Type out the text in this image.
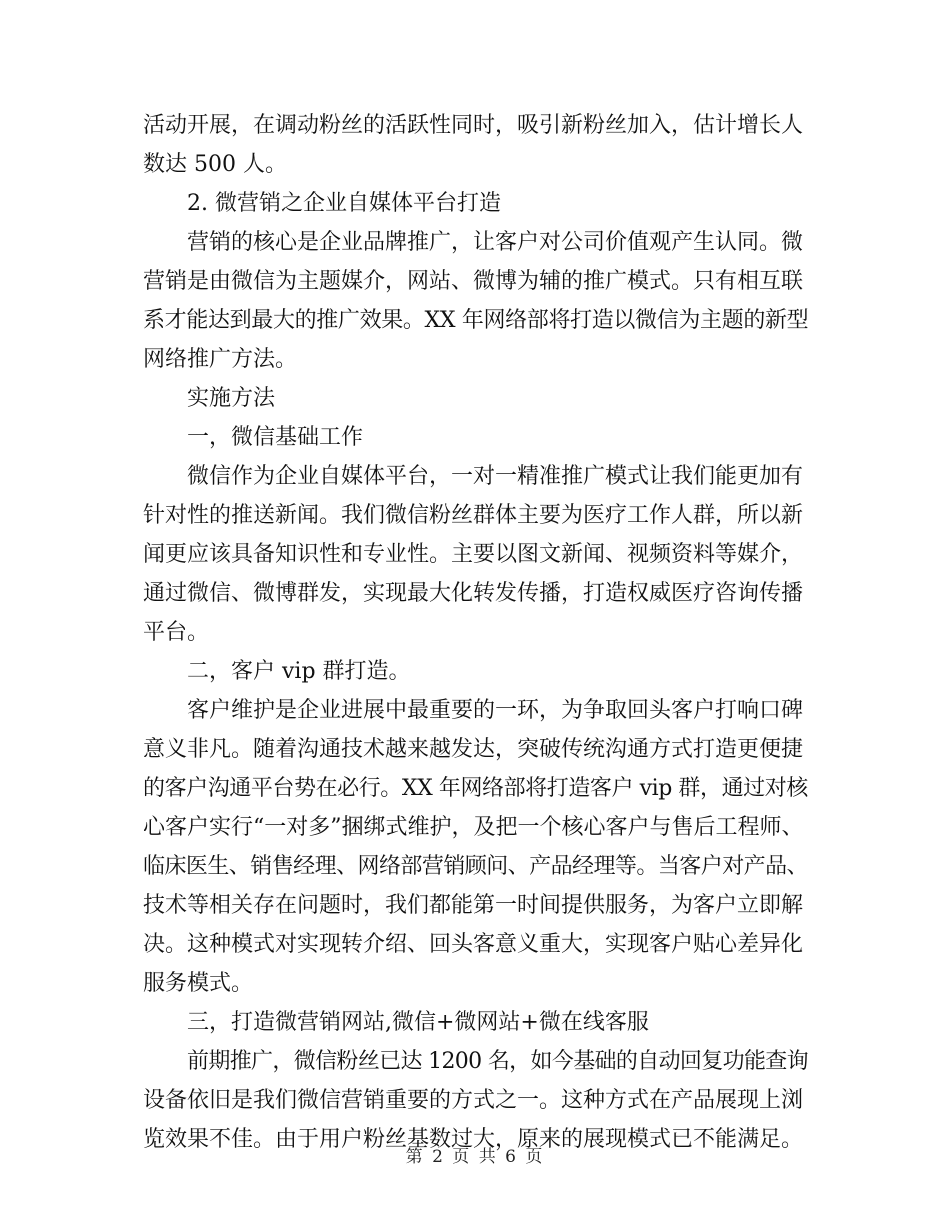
活动开展，在调动粉丝的活跃性同时，吸引新粉丝加入，估计增长人
数达 500 人。
2. 微营销之企业自媒体平台打造
营销的核心是企业品牌推广，让客户对公司价值观产生认同。微
营销是由微信为主题媒介，网站、微博为辅的推广模式。只有相互联
系才能达到最大的推广效果。XX 年网络部将打造以微信为主题的新型
网络推广方法。
实施方法
一，微信基础工作
微信作为企业自媒体平台，一对一精准推广模式让我们能更加有
针对性的推送新闻。我们微信粉丝群体主要为医疗工作人群，所以新
闻更应该具备知识性和专业性。主要以图文新闻、视频资料等媒介，
通过微信、微博群发，实现最大化转发传播，打造权威医疗咨询传播
平台。
二，客户 vip 群打造。
客户维护是企业进展中最重要的一环，为争取回头客户打响口碑
意义非凡。随着沟通技术越来越发达，突破传统沟通方式打造更便捷
的客户沟通平台势在必行。XX 年网络部将打造客户 vip 群，通过对核
心客户实行“一对多”捆绑式维护，及把一个核心客户与售后工程师、
临床医生、销售经理、网络部营销顾问、产品经理等。当客户对产品、
技术等相关存在问题时，我们都能第一时间提供服务，为客户立即解
决。这种模式对实现转介绍、回头客意义重大，实现客户贴心差异化
服务模式。
三，打造微营销网站,微信+微网站+微在线客服
前期推广，微信粉丝已达 1200 名，如今基础的自动回复功能查询
设备依旧是我们微信营销重要的方式之一。这种方式在产品展现上浏
览效果不佳。由于用户粉丝基数过大，原来的展现模式已不能满足。
第 2 页 共 6 页
